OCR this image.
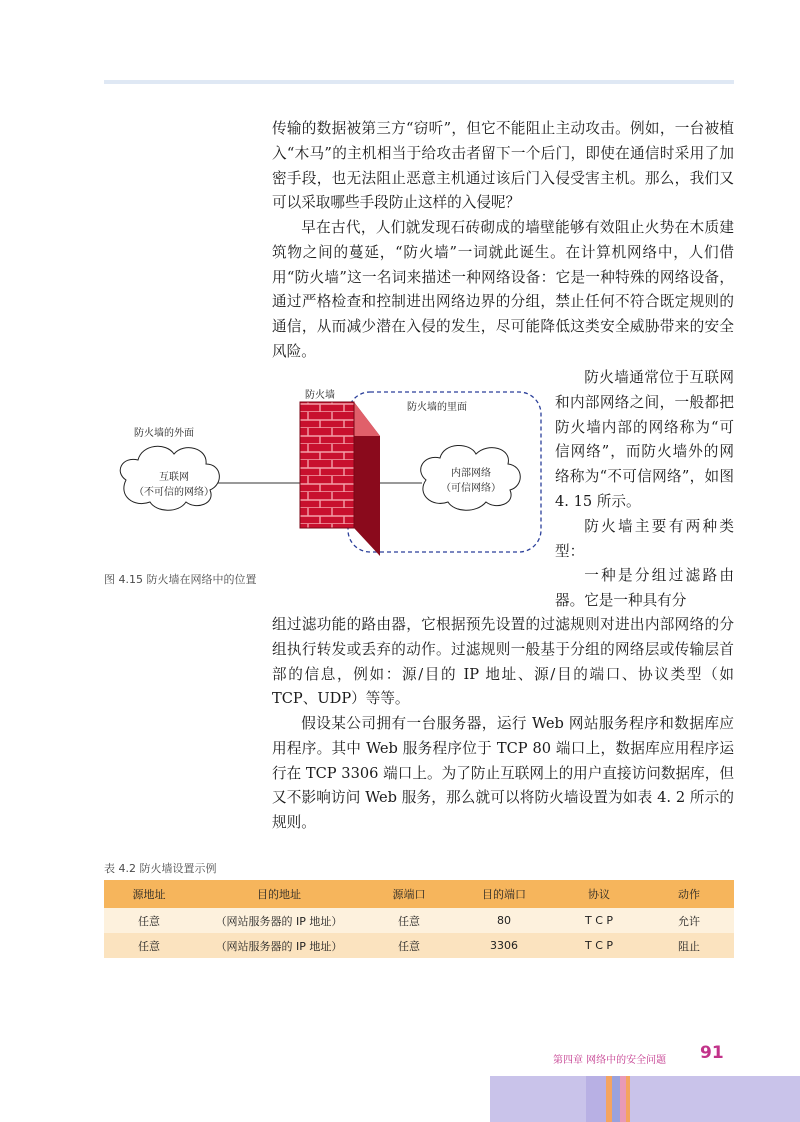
传输的数据被第三方“窃听”，但它不能阻止主动攻击。例如，一台被植入“木马”的主机相当于给攻击者留下一个后门，即使在通信时采用了加密手段，也无法阻止恶意主机通过该后门入侵受害主机。那么，我们又可以采取哪些手段防止这样的入侵呢？

早在古代，人们就发现石砖砌成的墙壁能够有效阻止火势在木质建筑物之间的蔓延，“防火墙”一词就此诞生。在计算机网络中，人们借用“防火墙”这一名词来描述一种网络设备：它是一种特殊的网络设备，通过严格检查和控制进出网络边界的分组，禁止任何不符合既定规则的通信，从而减少潜在入侵的发生，尽可能降低这类安全威胁带来的安全风险。

防火墙
防火墙的里面
防火墙的外面
互联网
（不可信的网络）
内部网络
（可信网络）
图 4.15 防火墙在网络中的位置

防火墙通常位于互联网和内部网络之间，一般都把防火墙内部的网络称为“可信网络”，而防火墙外的网络称为“不可信网络”，如图 4. 15 所示。

防火墙主要有两种类型：

一种是分组过滤路由器。它是一种具有分

组过滤功能的路由器，它根据预先设置的过滤规则对进出内部网络的分组执行转发或丢弃的动作。过滤规则一般基于分组的网络层或传输层首部的信息，例如：源/目的 IP 地址、源/目的端口、协议类型（如 TCP、UDP）等等。

假设某公司拥有一台服务器，运行 Web 网站服务程序和数据库应用程序。其中 Web 服务程序位于 TCP 80 端口上，数据库应用程序运行在 TCP 3306 端口上。为了防止互联网上的用户直接访问数据库，但又不影响访问 Web 服务，那么就可以将防火墙设置为如表 4. 2 所示的规则。

表 4.2 防火墙设置示例
源地址	目的地址	源端口	目的端口	协议	动作
任意	（网站服务器的 IP 地址）	任意	80	T C P	允许
任意	（网站服务器的 IP 地址）	任意	3306	T C P	阻止
第四章 网络中的安全问题 91
